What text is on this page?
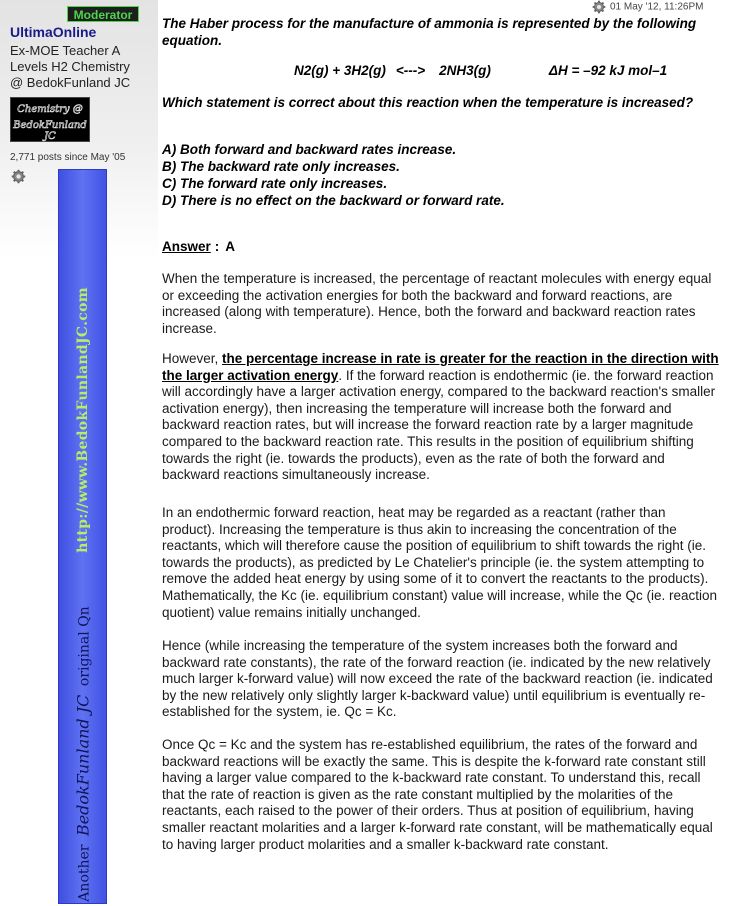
Moderator
UltimaOnline
Ex-MOE Teacher A
Levels H2 Chemistry
@ BedokFunland JC
Chemistry @
BedokFunland JC
2,771 posts since May '05
http://www.BedokFunlandJC.com
Another BedokFunland JC original Qn
01 May '12, 11:26PM
The Haber process for the manufacture of ammonia is represented by the following equation.
N2(g) + 3H2(g) <---> 2NH3(g)	ΔH = –92 kJ mol–1
Which statement is correct about this reaction when the temperature is increased?
A) Both forward and backward rates increase.
B) The backward rate only increases.
C) The forward rate only increases.
D) There is no effect on the backward or forward rate.
Answer : A
When the temperature is increased, the percentage of reactant molecules with energy equal or exceeding the activation energies for both the backward and forward reactions, are increased (along with temperature). Hence, both the forward and backward reaction rates increase.
However, the percentage increase in rate is greater for the reaction in the direction with the larger activation energy. If the forward reaction is endothermic (ie. the forward reaction will accordingly have a larger activation energy, compared to the backward reaction's smaller activation energy), then increasing the temperature will increase both the forward and backward reaction rates, but will increase the forward reaction rate by a larger magnitude compared to the backward reaction rate. This results in the position of equilibrium shifting towards the right (ie. towards the products), even as the rate of both the forward and backward reactions simultaneously increase.
In an endothermic forward reaction, heat may be regarded as a reactant (rather than product). Increasing the temperature is thus akin to increasing the concentration of the reactants, which will therefore cause the position of equilibrium to shift towards the right (ie. towards the products), as predicted by Le Chatelier's principle (ie. the system attempting to remove the added heat energy by using some of it to convert the reactants to the products). Mathematically, the Kc (ie. equilibrium constant) value will increase, while the Qc (ie. reaction quotient) value remains initially unchanged.
Hence (while increasing the temperature of the system increases both the forward and backward rate constants), the rate of the forward reaction (ie. indicated by the new relatively much larger k-forward value) will now exceed the rate of the backward reaction (ie. indicated by the new relatively only slightly larger k-backward value) until equilibrium is eventually re-established for the system, ie. Qc = Kc.
Once Qc = Kc and the system has re-established equilibrium, the rates of the forward and backward reactions will be exactly the same. This is despite the k-forward rate constant still having a larger value compared to the k-backward rate constant. To understand this, recall that the rate of reaction is given as the rate constant multiplied by the molarities of the reactants, each raised to the power of their orders. Thus at position of equilibrium, having smaller reactant molarities and a larger k-forward rate constant, will be mathematically equal to having larger product molarities and a smaller k-backward rate constant.
